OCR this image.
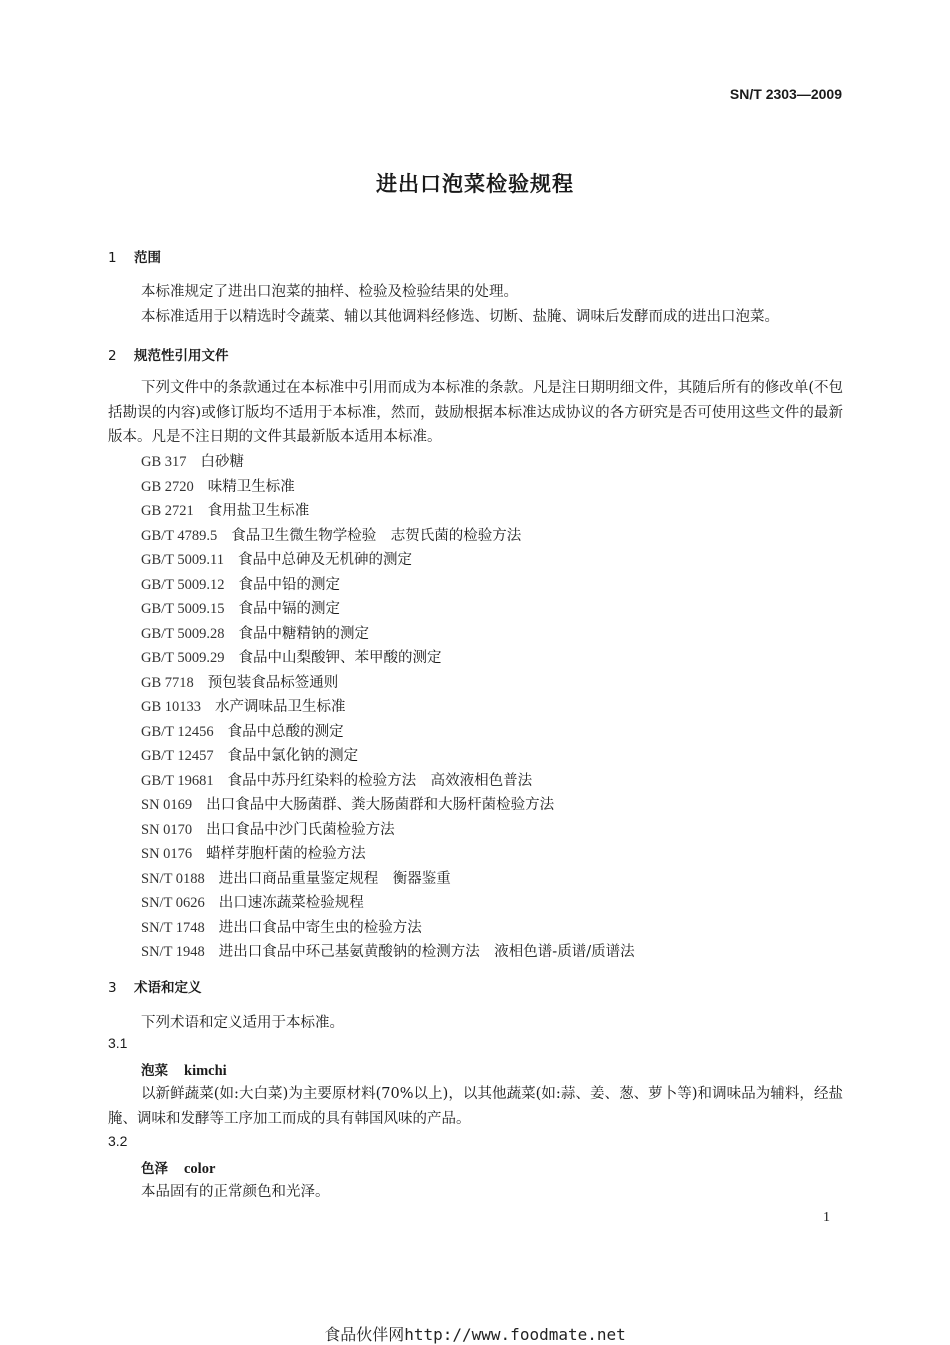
SN/T 2303—2009
进出口泡菜检验规程
1 范围
本标准规定了进出口泡菜的抽样、检验及检验结果的处理。
本标准适用于以精选时令蔬菜、辅以其他调料经修选、切断、盐腌、调味后发酵而成的进出口泡菜。
2 规范性引用文件
下列文件中的条款通过在本标准中引用而成为本标准的条款。凡是注日期明细文件，其随后所有的修改单(不包括勘误的内容)或修订版均不适用于本标准，然而，鼓励根据本标准达成协议的各方研究是否可使用这些文件的最新版本。凡是不注日期的文件其最新版本适用本标准。
GB 317 白砂糖
GB 2720 味精卫生标准
GB 2721 食用盐卫生标准
GB/T 4789.5 食品卫生微生物学检验　志贺氏菌的检验方法
GB/T 5009.11 食品中总砷及无机砷的测定
GB/T 5009.12 食品中铅的测定
GB/T 5009.15 食品中镉的测定
GB/T 5009.28 食品中糖精钠的测定
GB/T 5009.29 食品中山梨酸钾、苯甲酸的测定
GB 7718 预包装食品标签通则
GB 10133 水产调味品卫生标准
GB/T 12456 食品中总酸的测定
GB/T 12457 食品中氯化钠的测定
GB/T 19681 食品中苏丹红染料的检验方法　高效液相色普法
SN 0169 出口食品中大肠菌群、粪大肠菌群和大肠杆菌检验方法
SN 0170 出口食品中沙门氏菌检验方法
SN 0176 蜡样芽胞杆菌的检验方法
SN/T 0188 进出口商品重量鉴定规程　衡器鉴重
SN/T 0626 出口速冻蔬菜检验规程
SN/T 1748 进出口食品中寄生虫的检验方法
SN/T 1948 进出口食品中环己基氨黄酸钠的检测方法　液相色谱-质谱/质谱法
3 术语和定义
下列术语和定义适用于本标准。
3.1
泡菜 kimchi
以新鲜蔬菜(如:大白菜)为主要原材料(70%以上)，以其他蔬菜(如:蒜、姜、葱、萝卜等)和调味品为辅料，经盐腌、调味和发酵等工序加工而成的具有韩国风味的产品。
3.2
色泽 color
本品固有的正常颜色和光泽。
1
食品伙伴网http://www.foodmate.net
